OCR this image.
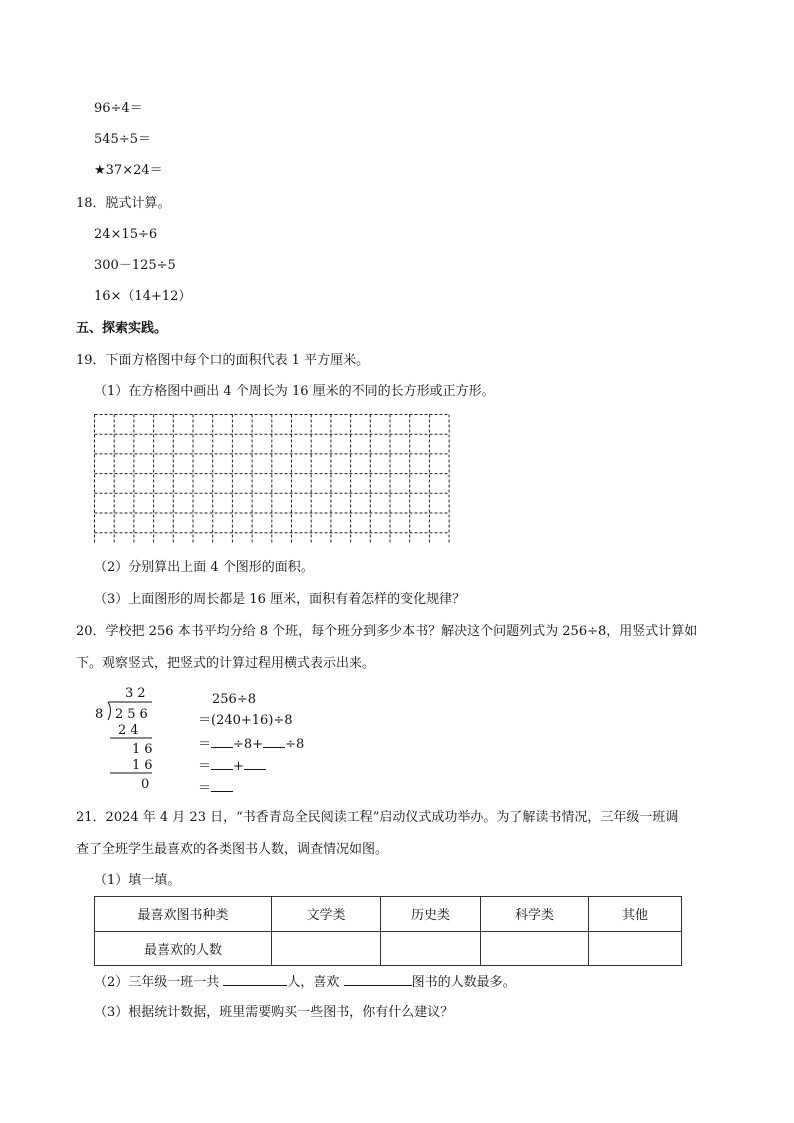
96÷4＝
545÷5＝
★37×24＝
18．脱式计算。
24×15÷6
300－125÷5
16×（14+12）
五、探索实践。
19．下面方格图中每个口的面积代表 1 平方厘米。
（1）在方格图中画出 4 个周长为 16 厘米的不同的长方形或正方形。
（2）分别算出上面 4 个图形的面积。
（3）上面图形的周长都是 16 厘米，面积有着怎样的变化规律？
20．学校把 256 本书平均分给 8 个班，每个班分到多少本书？解决这个问题列式为 256÷8，用竖式计算如
下。观察竖式，把竖式的计算过程用横式表示出来。
32
8 256
24
16
16
0
256÷8
＝(240+16)÷8
＝ ÷8+ ÷8
＝ +
＝
21．2024 年 4 月 23 日，“书香青岛全民阅读工程”启动仪式成功举办。为了解读书情况，三年级一班调
查了全班学生最喜欢的各类图书人数，调查情况如图。
（1）填一填。
最喜欢图书种类	文学类	历史类	科学类	其他
最喜欢的人数				
（2）三年级一班一共	人，喜欢	图书的人数最多。
（3）根据统计数据，班里需要购买一些图书，你有什么建议？
